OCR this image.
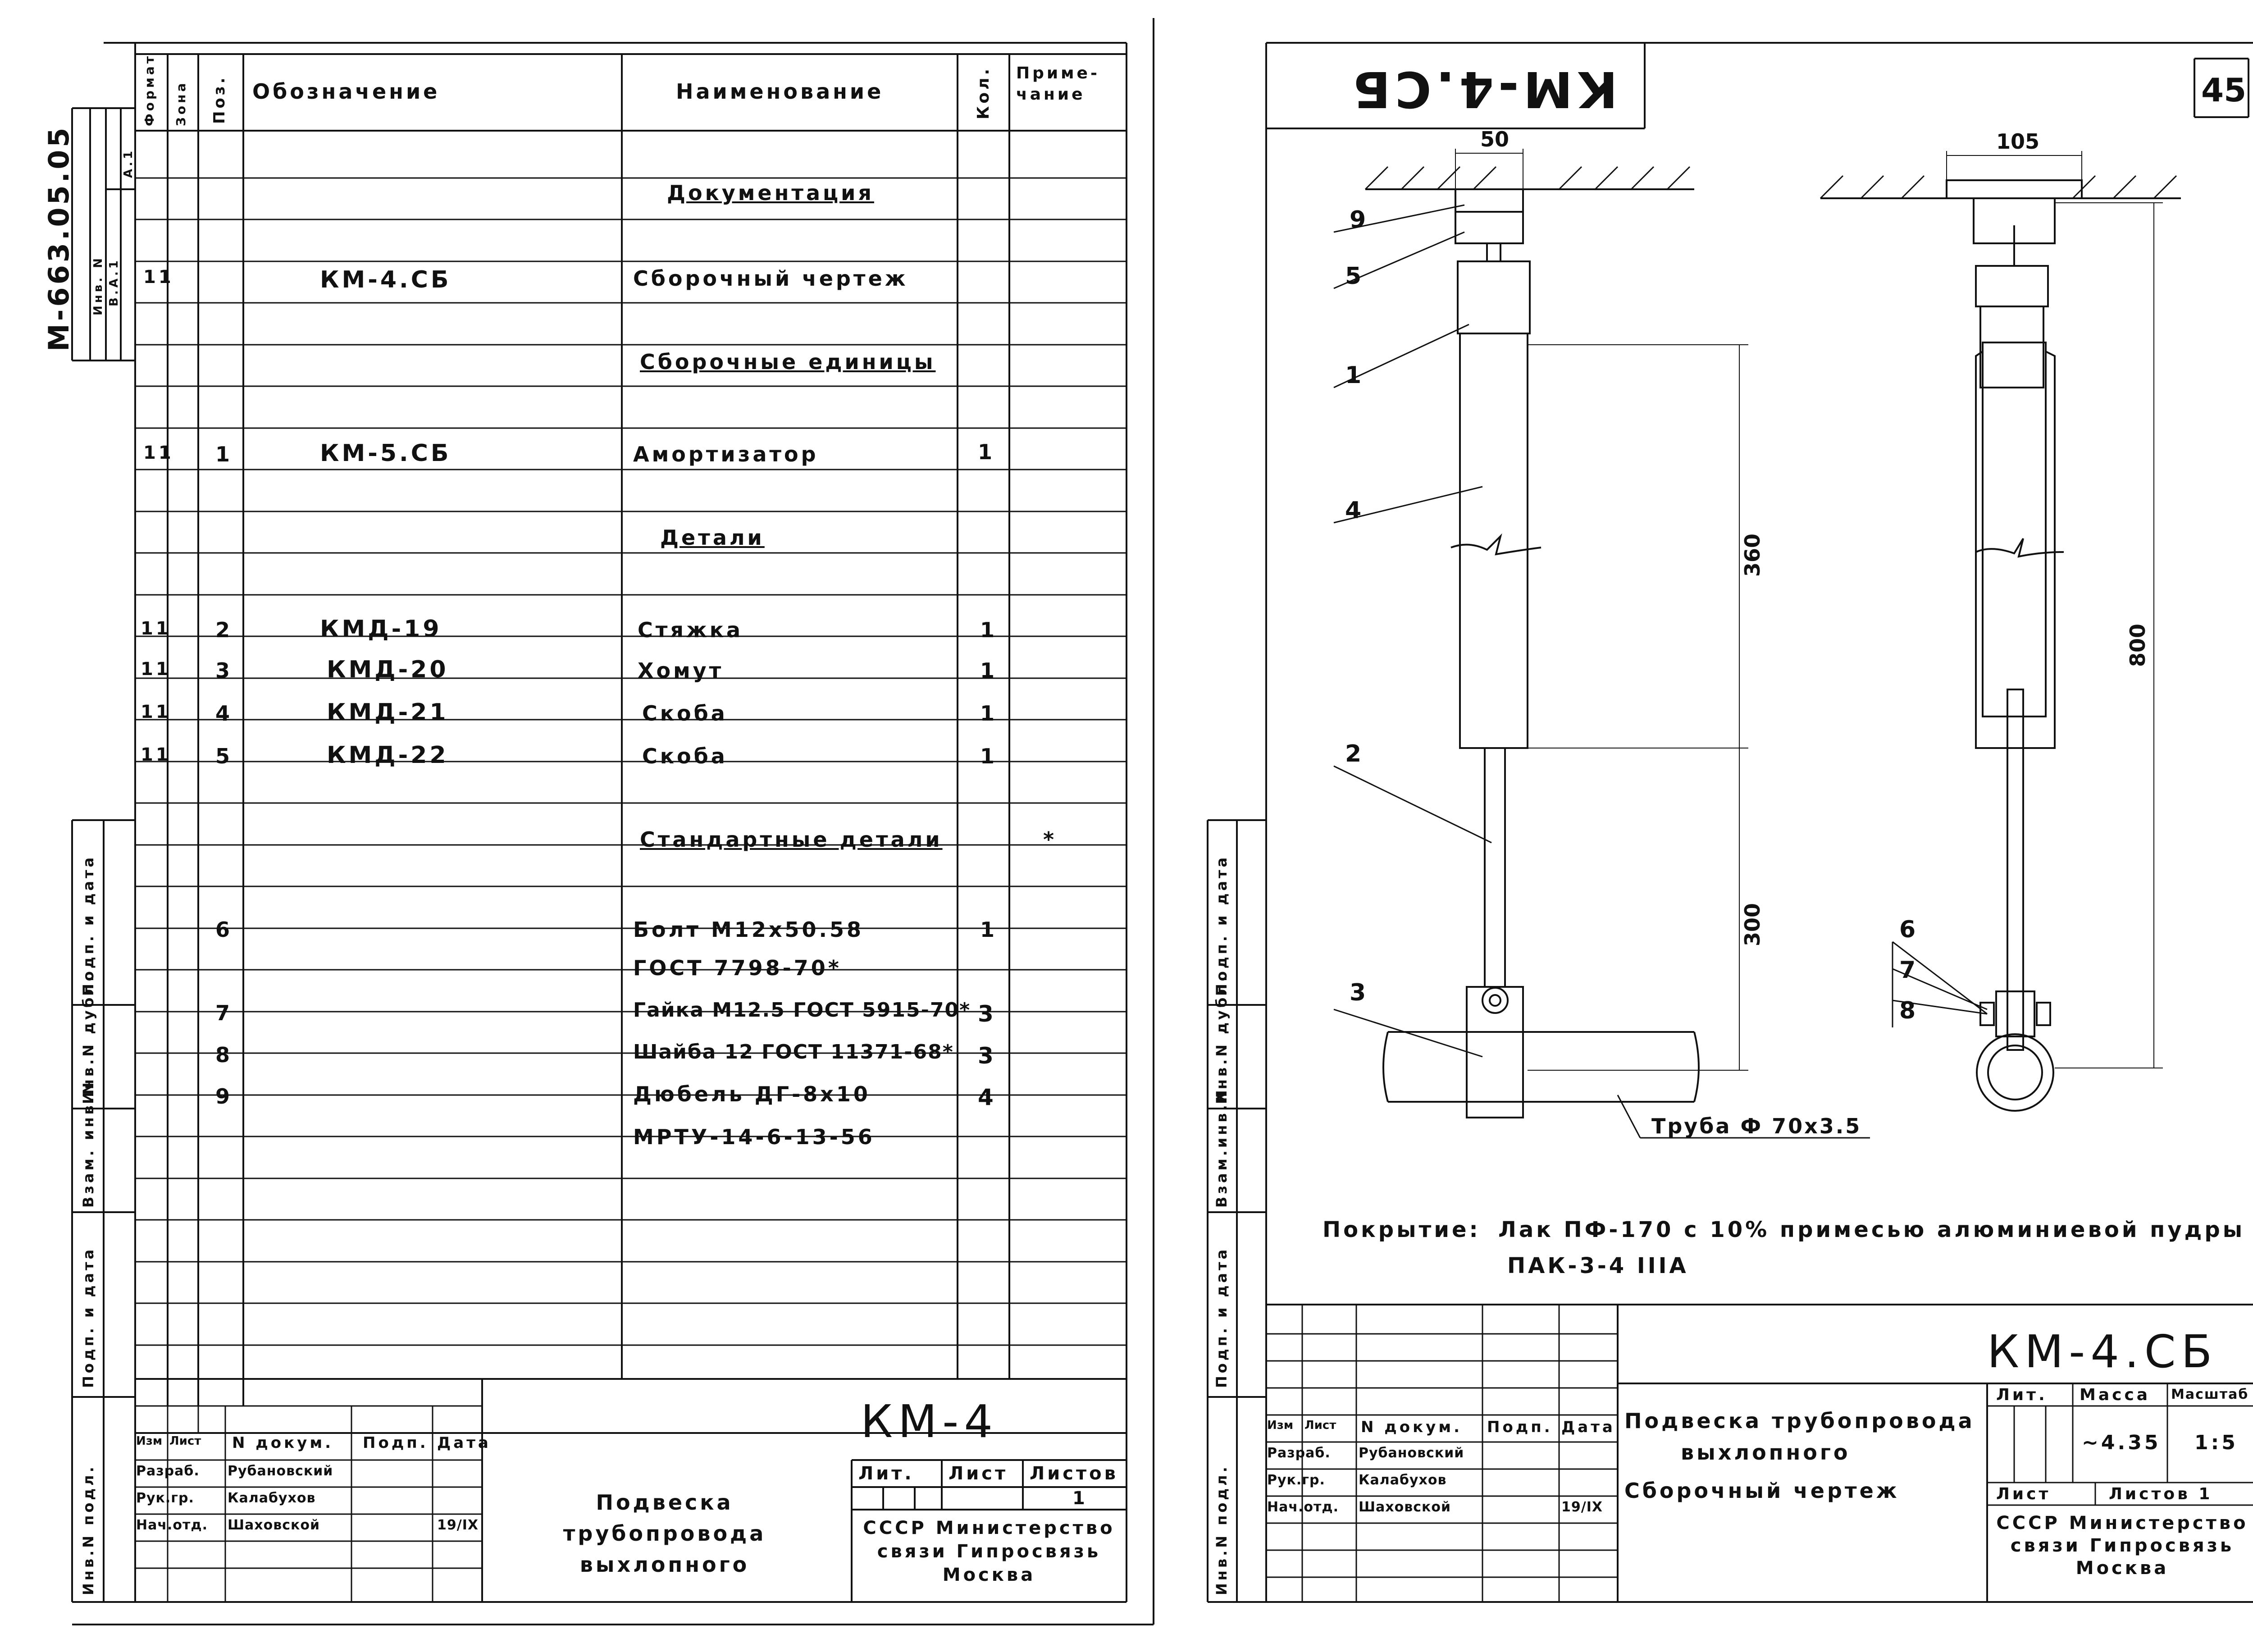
50	105
360
300
800
9
5
1
4
2
3
6
7
8
Труба Ф 70х3.5
КМ-4.СБ	45
М-663.05.05 Инв. N В.А.1
А.1
Формат Зона Поз. Обозначение	Наименование	Кол. Приме-чание
Документация
11	КМ-4.СБ	Сборочный чертеж
Сборочные единицы
11 1	КМ-5.СБ	Амортизатор	1
Детали
11 2	КМД-19	Стяжка	1
11 3	КМД-20	Хомут	1
11 4	КМД-21	Скоба	1
11 5	КМД-22	Скоба	1
Стандартные детали	*
6	Болт М12х50.58	1
ГОСТ 7798-70*
7	Гайка М12.5 ГОСТ 5915-70* 3
8	Шайба 12 ГОСТ 11371-68* 3
9	Дюбель ДГ-8х10	4
МРТУ-14-6-13-56
Подп. и дата
Инв.N дубл.
Взам. инв.N
Подп. и дата
Инв.N подл.
КМ-4
Изм Лист N докум. Подп. Дата
Разраб. Рубановский
Рук.гр. Калабухов
Нач.отд. Шаховской	19/IX
Подвеска трубопровода выхлопного
Лит. Лист Листов
1
СССР Министерство связи Гипросвязь Москва
Покрытие: Лак ПФ-170 с 10% примесью алюминиевой пудры
ПАК-3-4 IIIА
Подп. и дата
Инв.N дубл.
Взам.инв.N
Подп. и дата
Инв.N подл.
КМ-4.СБ
Изм Лист N докум. Подп. Дата
Разраб. Рубановский
Рук.гр. Калабухов
Нач.отд. Шаховской	19/IX
Подвеска трубопровода
выхлопного
Сборочный чертеж
Лит. Масса Масштаб
~4.35 1:5
Лист	Листов 1
СССР Министерство связи Гипросвязь Москва
